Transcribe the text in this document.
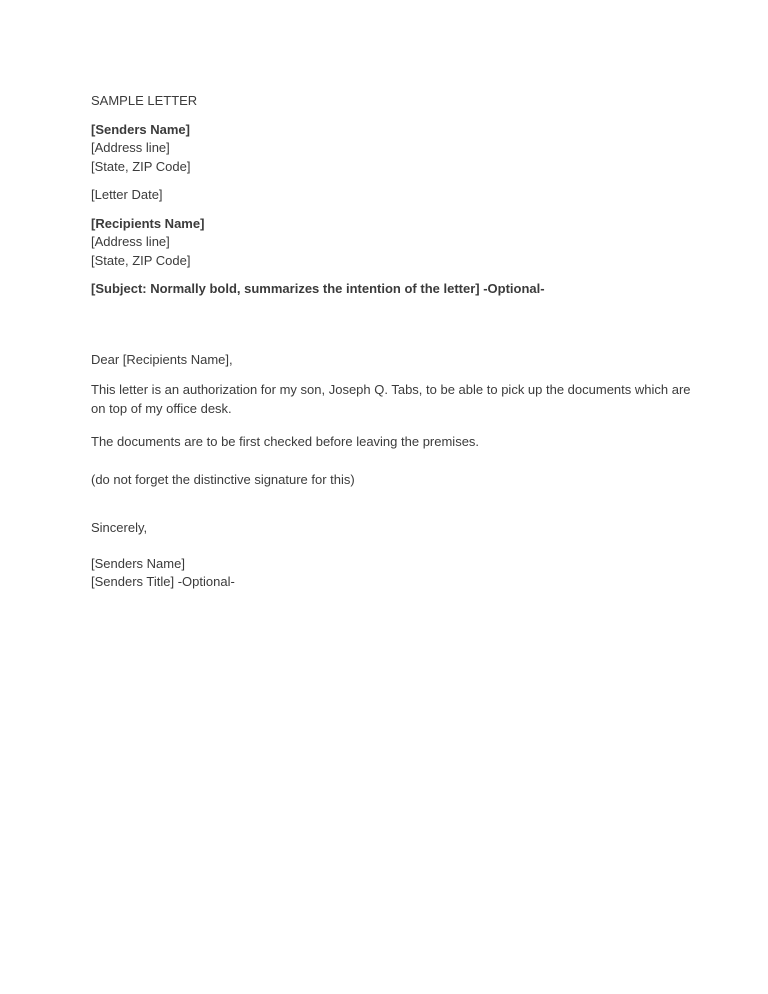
SAMPLE LETTER

[Senders Name]

[Address line]

[State, ZIP Code]

[Letter Date]

[Recipients Name]

[Address line]

[State, ZIP Code]

[Subject: Normally bold, summarizes the intention of the letter] -Optional-

Dear [Recipients Name],

This letter is an authorization for my son, Joseph Q. Tabs, to be able to pick up the documents which are on top of my office desk.

The documents are to be first checked before leaving the premises.

(do not forget the distinctive signature for this)

Sincerely,

[Senders Name]

[Senders Title] -Optional-
